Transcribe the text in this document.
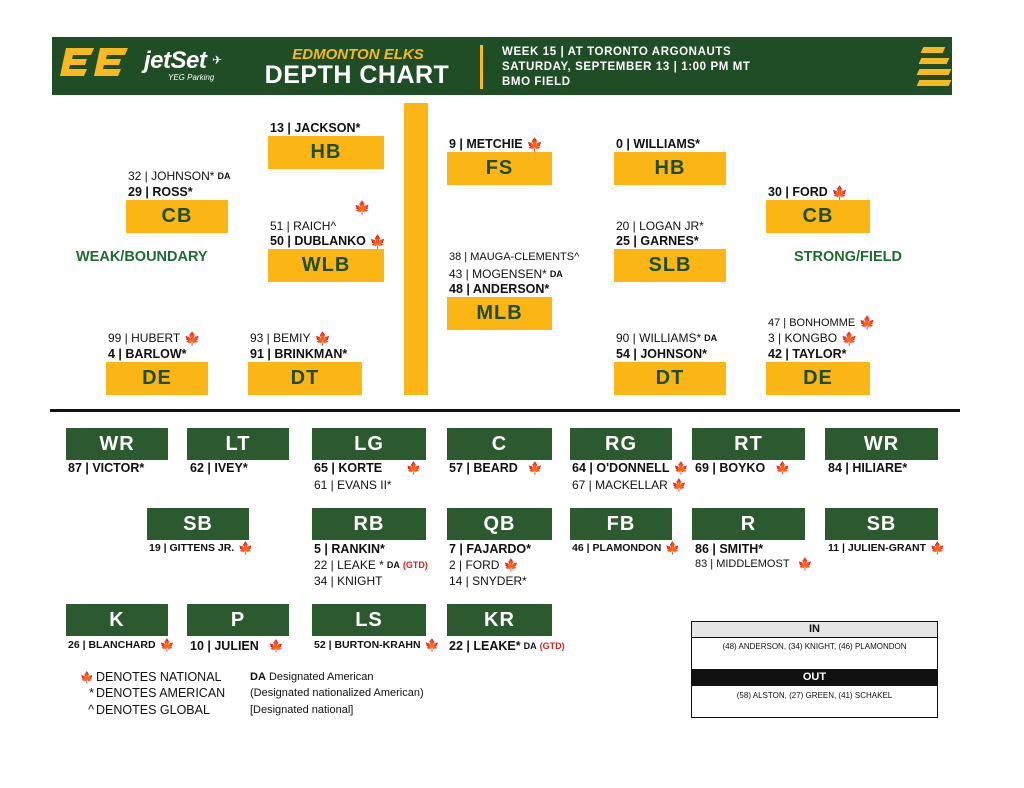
jetSet
YEG Parking
✈	EDMONTON ELKS
DEPTH CHART
WEEK 15 | AT TORONTO ARGONAUTS
SATURDAY, SEPTEMBER 13 | 1:00 PM MT
BMO FIELD
32 | JOHNSON* DA
29 | ROSS*
CB
WEAK/BOUNDARY
13 | JACKSON*
HB
🍁
51 | RAICH^
50 | DUBLANKO 🍁
WLB
99 | HUBERT 🍁
4 | BARLOW*
DE
93 | BEMIY 🍁
91 | BRINKMAN*
DT
9 | METCHIE 🍁
FS
38 | MAUGA-CLEMENTS^
43 | MOGENSEN* DA
48 | ANDERSON*
MLB
0 | WILLIAMS*
HB
20 | LOGAN JR*
25 | GARNES*
SLB
90 | WILLIAMS* DA
54 | JOHNSON*
DT
30 | FORD 🍁
CB
STRONG/FIELD
47 | BONHOMME 🍁
3 | KONGBO 🍁
42 | TAYLOR*
DE
WR
87 | VICTOR*
LT
62 | IVEY*
LG
65 | KORTE 🍁
61 | EVANS II*
C
57 | BEARD 🍁
RG
64 | O'DONNELL 🍁
67 | MACKELLAR 🍁
RT
69 | BOYKO 🍁
WR
84 | HILIARE*
SB
19 | GITTENS JR. 🍁
RB
5 | RANKIN*
22 | LEAKE * DA (GTD)
34 | KNIGHT
QB
7 | FAJARDO*
2 | FORD 🍁
14 | SNYDER*
FB
46 | PLAMONDON 🍁
R
86 | SMITH*
83 | MIDDLEMOST 🍁
SB
11 | JULIEN-GRANT 🍁
K
26 | BLANCHARD 🍁
P
10 | JULIEN 🍁
LS
52 | BURTON-KRAHN 🍁
KR
22 | LEAKE* DA (GTD)
🍁 DENOTES NATIONAL
* DENOTES AMERICAN
^ DENOTES GLOBAL
DA Designated American
(Designated nationalized American)
[Designated national]
IN
(48) ANDERSON, (34) KNIGHT, (46) PLAMONDON
OUT
(58) ALSTON, (27) GREEN, (41) SCHAKEL
